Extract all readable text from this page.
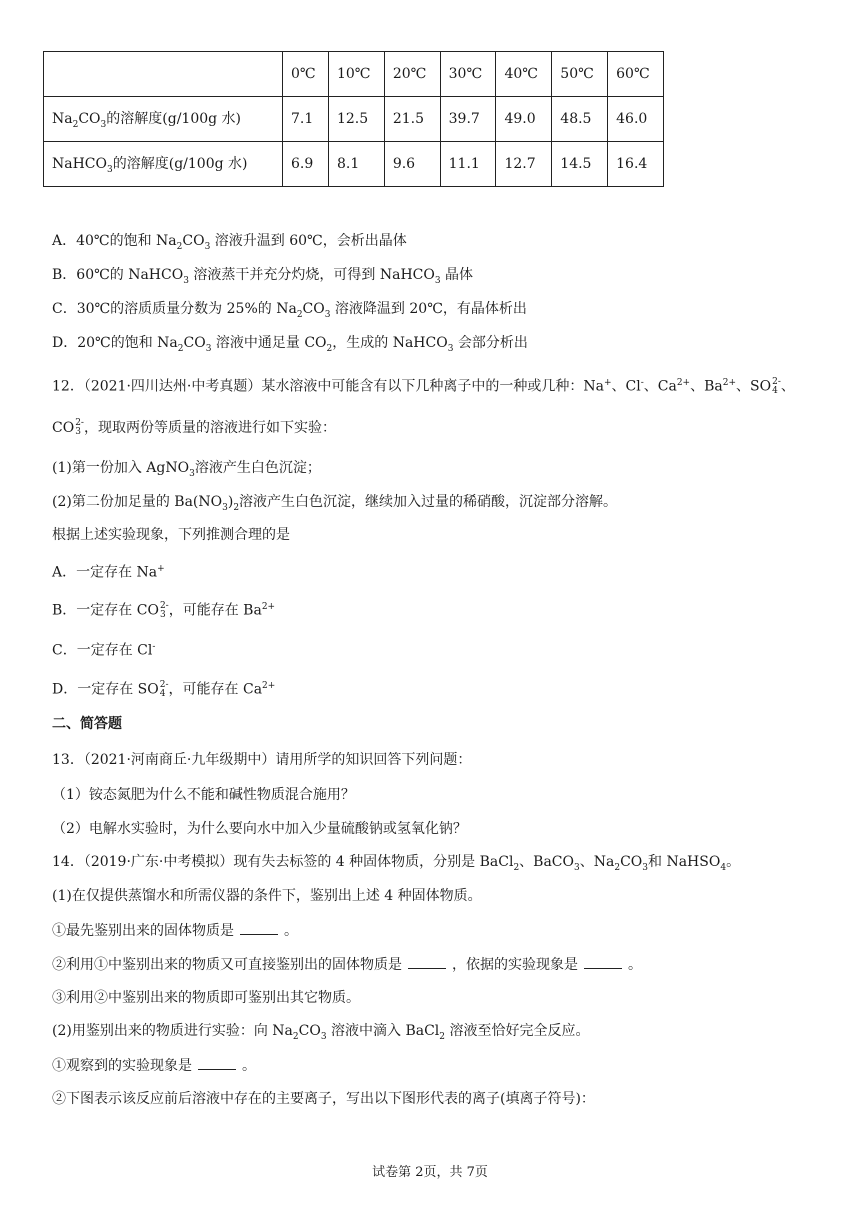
	0℃	10℃	20℃	30℃	40℃	50℃	60℃
$Na_2CO_3$的溶解度(g/100g 水)	7.1	12.5	21.5	39.7	49.0	48.5	46.0
NaHCO$_3$的溶解度(g/100g 水)	6.9	8.1	9.6	11.1	12.7	14.5	16.4
A．40℃的饱和 $Na_2CO_3$ 溶液升温到 60℃，会析出晶体
B．60℃的 NaHCO$_3$ 溶液蒸干并充分灼烧，可得到 NaHCO$_3$ 晶体
C．30℃的溶质质量分数为 25%的 $Na_2CO_3$ 溶液降温到 20℃，有晶体析出
D．20℃的饱和 $Na_2CO_3$ 溶液中通足量 $CO_2$，生成的 NaHCO$_3$ 会部分析出
12．（2021·四川达州·中考真题）某水溶液中可能含有以下几种离子中的一种或几种：Na+、Cl-、$Ca^{2+}$、$Ba^{2+}$、SO 2-
4 、
CO 2-
3 ，现取两份等质量的溶液进行如下实验：
(1)第一份加入 AgNO$_3$溶液产生白色沉淀；
(2)第二份加足量的 $Ba(NO_3)_2$溶液产生白色沉淀，继续加入过量的稀硝酸，沉淀部分溶解。
根据上述实验现象，下列推测合理的是
A．一定存在 Na+
B．一定存在 CO 2-
3 ，可能存在 $Ba^{2+}$
C．一定存在 Cl-
D．一定存在 SO 2-
4 ，可能存在 $Ca^{2+}$
二、简答题
13．（2021·河南商丘·九年级期中）请用所学的知识回答下列问题：
（1）铵态氮肥为什么不能和碱性物质混合施用？
（2）电解水实验时，为什么要向水中加入少量硫酸钠或氢氧化钠？
14．（2019·广东·中考模拟）现有失去标签的 4 种固体物质，分别是 BaCl$_2$、BaCO$_3$、$Na_2CO_3$和 NaHSO$_4$。
(1)在仅提供蒸馏水和所需仪器的条件下，鉴别出上述 4 种固体物质。
①最先鉴别出来的固体物质是	。
②利用①中鉴别出来的物质又可直接鉴别出的固体物质是	，依据的实验现象是	。
③利用②中鉴别出来的物质即可鉴别出其它物质。
(2)用鉴别出来的物质进行实验：向 $Na_2CO_3$ 溶液中滴入 BaCl$_2$ 溶液至恰好完全反应。
①观察到的实验现象是	。
②下图表示该反应前后溶液中存在的主要离子，写出以下图形代表的离子(填离子符号)：
试卷第 2页，共 7页
